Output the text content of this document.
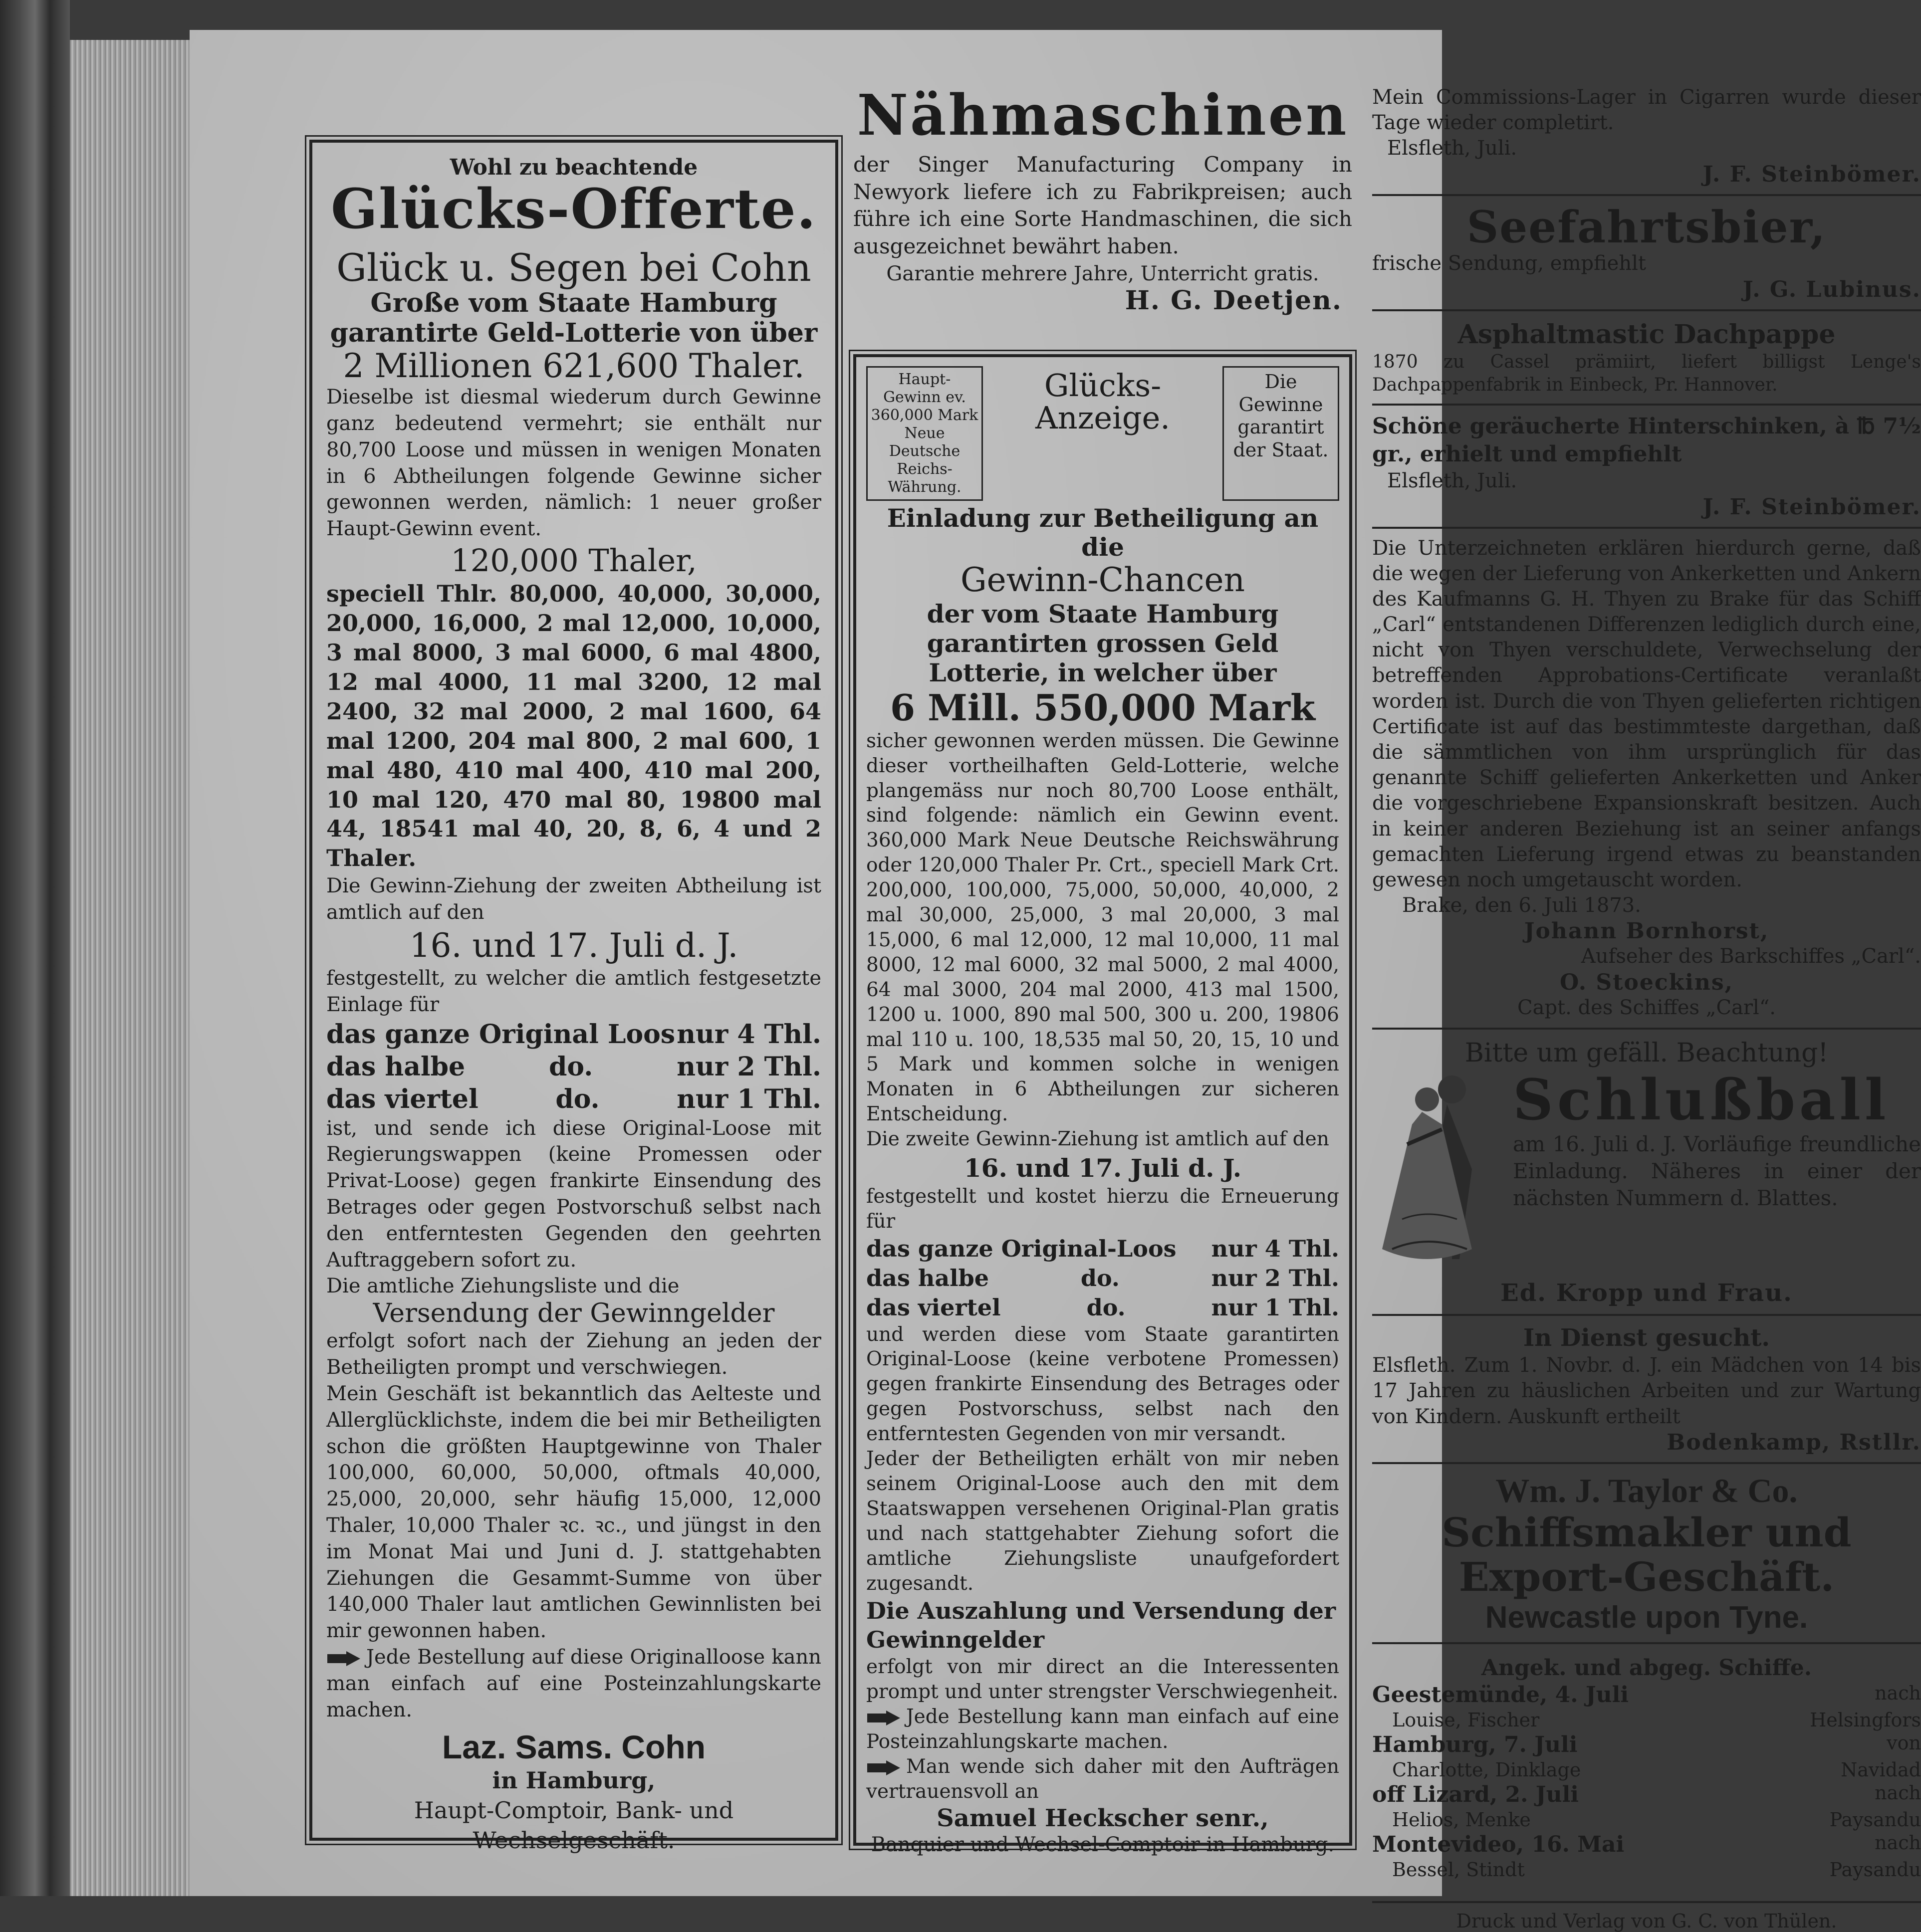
Wohl zu beachtende
Glücks-Offerte.
Glück u. Segen bei Cohn
Große vom Staate Hamburg garantirte Geld-Lotterie von über
2 Millionen 621,600 Thaler.
Dieselbe ist diesmal wiederum durch Gewinne ganz bedeutend vermehrt; sie enthält nur 80,700 Loose und müssen in wenigen Monaten in 6 Abtheilungen folgende Gewinne sicher gewonnen werden, nämlich: 1 neuer großer Haupt-Gewinn event.
120,000 Thaler,
speciell Thlr. 80,000, 40,000, 30,000, 20,000, 16,000, 2 mal 12,000, 10,000, 3 mal 8000, 3 mal 6000, 6 mal 4800, 12 mal 4000, 11 mal 3200, 12 mal 2400, 32 mal 2000, 2 mal 1600, 64 mal 1200, 204 mal 800, 2 mal 600, 1 mal 480, 410 mal 400, 410 mal 200, 10 mal 120, 470 mal 80, 19800 mal 44, 18541 mal 40, 20, 8, 6, 4 und 2 Thaler.
Die Gewinn-Ziehung der zweiten Abtheilung ist amtlich auf den
16. und 17. Juli d. J.
festgestellt, zu welcher die amtlich festgesetzte Einlage für
das ganze Original Loos nur 4 Thl.
das halbe	do.	nur 2 Thl.
das viertel	do.	nur 1 Thl.
ist, und sende ich diese Original-Loose mit Regierungswappen (keine Promessen oder Privat-Loose) gegen frankirte Einsendung des Betrages oder gegen Postvorschuß selbst nach den entferntesten Gegenden den geehrten Auftraggebern sofort zu.
Die amtliche Ziehungsliste und die
Versendung der Gewinngelder
erfolgt sofort nach der Ziehung an jeden der Betheiligten prompt und verschwiegen.
Mein Geschäft ist bekanntlich das Aelteste und Allerglücklichste, indem die bei mir Betheiligten schon die größten Hauptgewinne von Thaler 100,000, 60,000, 50,000, oftmals 40,000, 25,000, 20,000, sehr häufig 15,000, 12,000 Thaler, 10,000 Thaler ꝛc. ꝛc., und jüngst in den im Monat Mai und Juni d. J. stattgehabten Ziehungen die Gesammt-Summe von über 140,000 Thaler laut amtlichen Gewinnlisten bei mir gewonnen haben.
Jede Bestellung auf diese Originalloose kann man einfach auf eine Posteinzahlungskarte machen.
Laz. Sams. Cohn
in Hamburg,
Haupt-Comptoir, Bank- und Wechselgeschäft.
Nähmaschinen
der Singer Manufacturing Company in Newyork liefere ich zu Fabrikpreisen; auch führe ich eine Sorte Handmaschinen, die sich ausgezeichnet bewährt haben.
Garantie mehrere Jahre, Unterricht gratis.
H. G. Deetjen.
Haupt-Gewinn ev. 360,000 Mark Neue Deutsche Reichs-Währung.
Glücks-Anzeige.
Die Gewinne garantirt der Staat.
Einladung zur Betheiligung an die
Gewinn-Chancen
der vom Staate Hamburg garantirten grossen Geld Lotterie, in welcher über
6 Mill. 550,000 Mark
sicher gewonnen werden müssen. Die Gewinne dieser vortheilhaften Geld-Lotterie, welche plangemäss nur noch 80,700 Loose enthält, sind folgende: nämlich ein Gewinn event. 360,000 Mark Neue Deutsche Reichswährung oder 120,000 Thaler Pr. Crt., speciell Mark Crt. 200,000, 100,000, 75,000, 50,000, 40,000, 2 mal 30,000, 25,000, 3 mal 20,000, 3 mal 15,000, 6 mal 12,000, 12 mal 10,000, 11 mal 8000, 12 mal 6000, 32 mal 5000, 2 mal 4000, 64 mal 3000, 204 mal 2000, 413 mal 1500, 1200 u. 1000, 890 mal 500, 300 u. 200, 19806 mal 110 u. 100, 18,535 mal 50, 20, 15, 10 und 5 Mark und kommen solche in wenigen Monaten in 6 Abtheilungen zur sicheren Entscheidung.
Die zweite Gewinn-Ziehung ist amtlich auf den
16. und 17. Juli d. J.
festgestellt und kostet hierzu die Erneuerung für
das ganze Original-Loos nur 4 Thl.
das halbe	do.	nur 2 Thl.
das viertel	do.	nur 1 Thl.
und werden diese vom Staate garantirten Original-Loose (keine verbotene Promessen) gegen frankirte Einsendung des Betrages oder gegen Postvorschuss, selbst nach den entferntesten Gegenden von mir versandt.
Jeder der Betheiligten erhält von mir neben seinem Original-Loose auch den mit dem Staatswappen versehenen Original-Plan gratis und nach stattgehabter Ziehung sofort die amtliche Ziehungsliste unaufgefordert zugesandt.
Die Auszahlung und Versendung der Gewinngelder
erfolgt von mir direct an die Interessenten prompt und unter strengster Verschwiegenheit.
Jede Bestellung kann man einfach auf eine Posteinzahlungskarte machen.
Man wende sich daher mit den Aufträgen vertrauensvoll an
Samuel Heckscher senr.,
Banquier und Wechsel-Comptoir in Hamburg.
Mein Commissions-Lager in Cigarren wurde dieser Tage wieder completirt.
Elsfleth, Juli.
J. F. Steinbömer.
Seefahrtsbier,
frische Sendung, empfiehlt
J. G. Lubinus.
Asphaltmastic Dachpappe
1870 zu Cassel prämiirt, liefert billigst Lenge's Dachpappenfabrik in Einbeck, Pr. Hannover.
Schöne geräucherte Hinterschinken, à ℔ 7½ gr., erhielt und empfiehlt
Elsfleth, Juli.
J. F. Steinbömer.
Die Unterzeichneten erklären hierdurch gerne, daß die wegen der Lieferung von Ankerketten und Ankern des Kaufmanns G. H. Thyen zu Brake für das Schiff „Carl“ entstandenen Differenzen lediglich durch eine, nicht von Thyen verschuldete, Verwechselung der betreffenden Approbations-Certificate veranlaßt worden ist. Durch die von Thyen gelieferten richtigen Certificate ist auf das bestimmteste dargethan, daß die sämmtlichen von ihm ursprünglich für das genannte Schiff gelieferten Ankerketten und Anker die vorgeschriebene Expansionskraft besitzen. Auch in keiner anderen Beziehung ist an seiner anfangs gemachten Lieferung irgend etwas zu beanstanden gewesen noch umgetauscht worden.
Brake, den 6. Juli 1873.
Johann Bornhorst,
Aufseher des Barkschiffes „Carl“.
O. Stoeckins,
Capt. des Schiffes „Carl“.
Bitte um gefäll. Beachtung!
Schlußball
am 16. Juli d. J. Vorläufige freundliche Einladung. Näheres in einer der nächsten Nummern d. Blattes.
Ed. Kropp und Frau.
In Dienst gesucht.
Elsfleth. Zum 1. Novbr. d. J. ein Mädchen von 14 bis 17 Jahren zu häuslichen Arbeiten und zur Wartung von Kindern. Auskunft ertheilt
Bodenkamp, Rstllr.
Wm. J. Taylor & Co.
Schiffsmakler und
Export-Geschäft.
Newcastle upon Tyne.
Angek. und abgeg. Schiffe.
Geestemünde, 4. Juli	nach
Louise, Fischer	Helsingfors
Hamburg, 7. Juli	von
Charlotte, Dinklage	Navidad
off Lizard, 2. Juli	nach
Helios, Menke	Paysandu
Montevideo, 16. Mai	nach
Bessel, Stindt	Paysandu
Druck und Verlag von G. C. von Thülen.
